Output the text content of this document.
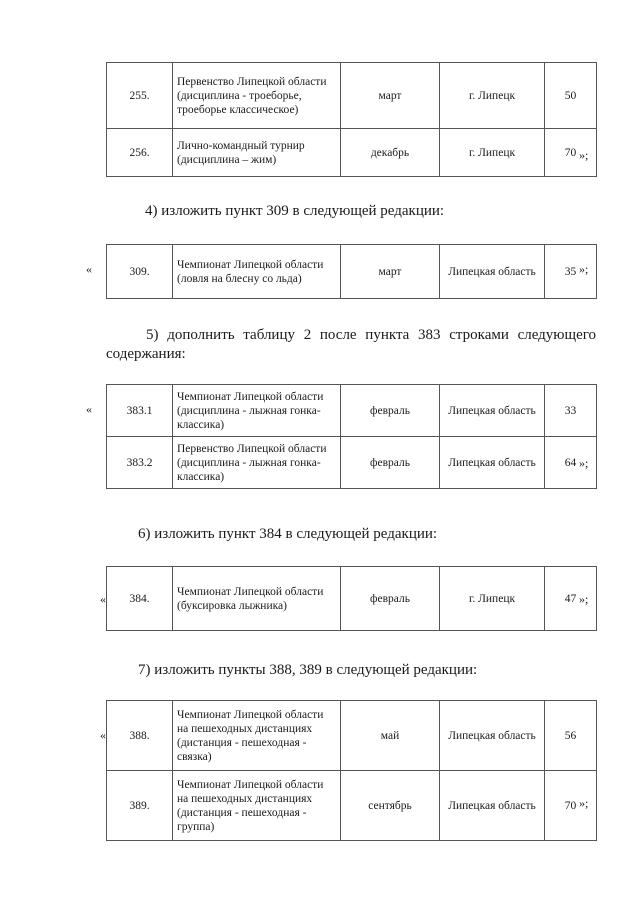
255.	Первенство Липецкой области (дисциплина - троеборье, троеборье классическое)	март	г. Липецк	50
256.	Лично-командный турнир (дисциплина – жим)	декабрь	г. Липецк	70 »;

4) изложить пункт 309 в следующей редакции:

«	309.	Чемпионат Липецкой области (ловля на блесну со льда)	март	Липецкая область	35 »;

5) дополнить таблицу 2 после пункта 383 строками следующего содержания:

«	383.1	Чемпионат Липецкой области (дисциплина - лыжная гонка-классика)	февраль	Липецкая область	33
383.2	Первенство Липецкой области (дисциплина - лыжная гонка-классика)	февраль	Липецкая область	64 »;

6) изложить пункт 384 в следующей редакции:

« 384.	Чемпионат Липецкой области (буксировка лыжника)	февраль	г. Липецк	47 »;

7) изложить пункты 388, 389 в следующей редакции:

« 388.	Чемпионат Липецкой области на пешеходных дистанциях (дистанция - пешеходная - связка)	май	Липецкая область	56
389.	Чемпионат Липецкой области на пешеходных дистанциях (дистанция - пешеходная - группа)	сентябрь	Липецкая область	70 »;
